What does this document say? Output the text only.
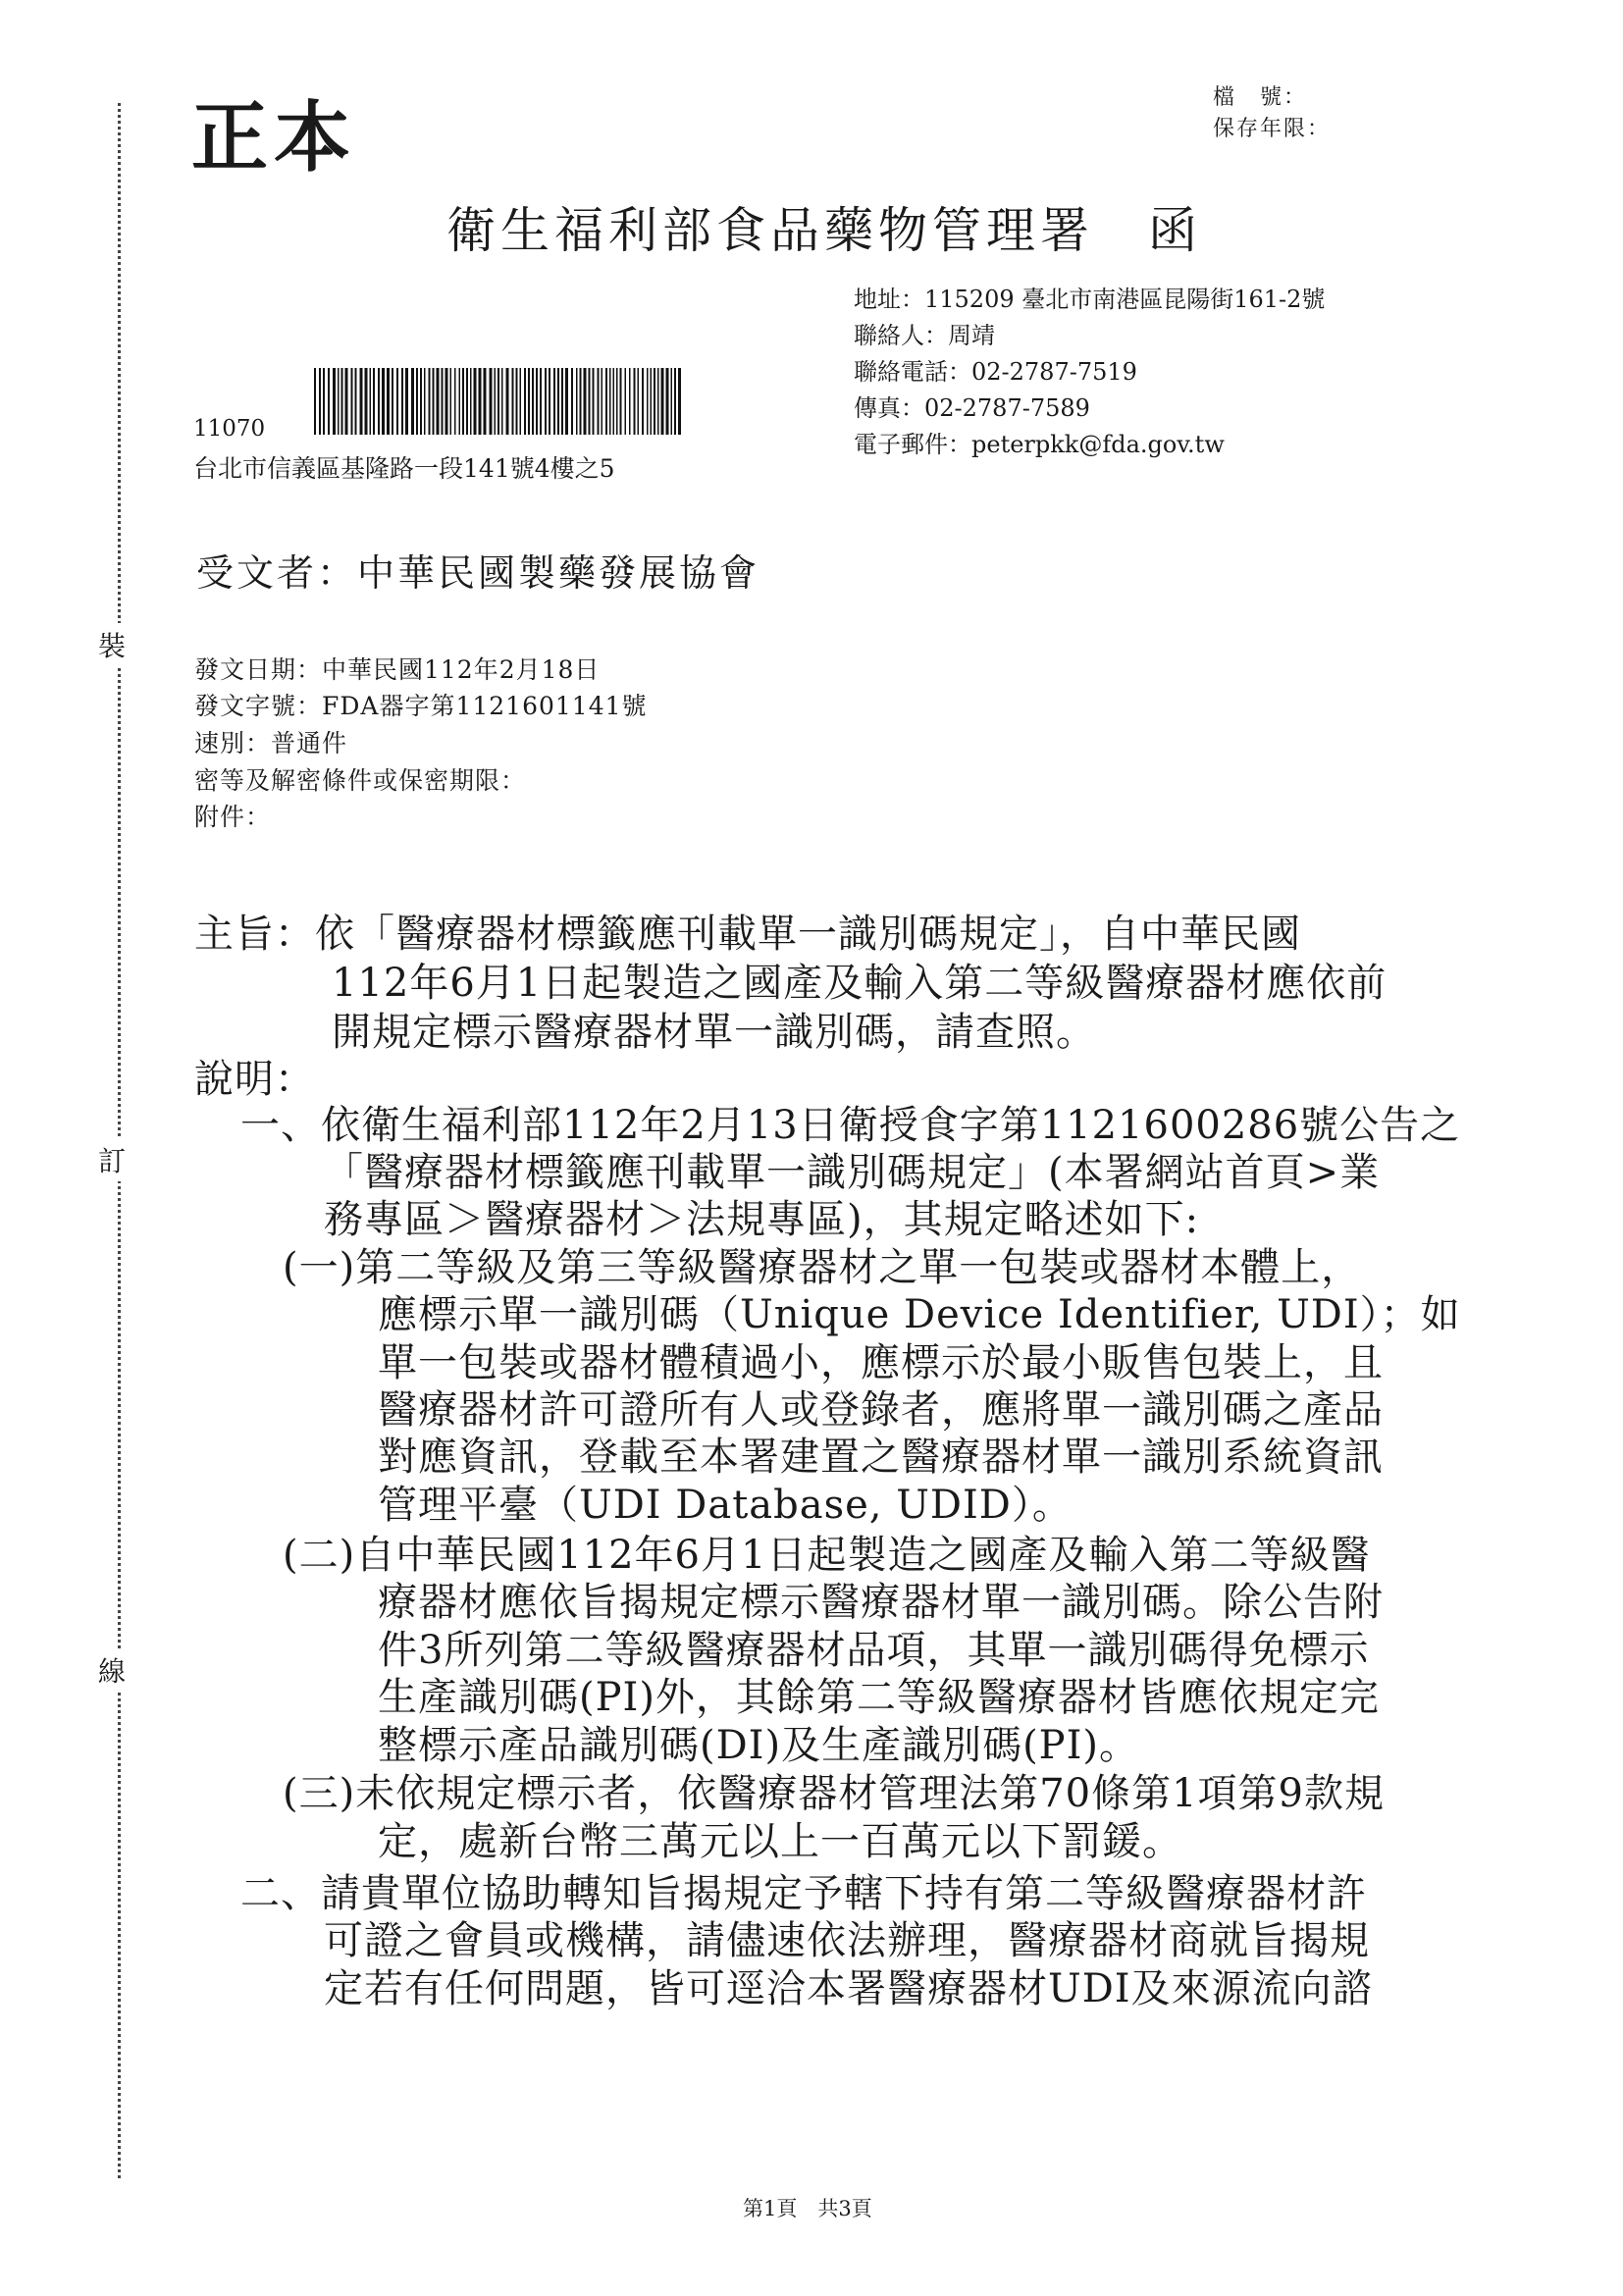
裝
訂
線
正本	檔　號：
保存年限：
衛生福利部食品藥物管理署　函
地址：115209 臺北市南港區昆陽街161-2號
聯絡人：周靖
聯絡電話：02-2787-7519
傳真：02-2787-7589
電子郵件：peterpkk@fda.gov.tw
11070
台北市信義區基隆路一段141號4樓之5
受文者：中華民國製藥發展協會
發文日期：中華民國112年2月18日
發文字號：FDA器字第1121601141號
速別：普通件
密等及解密條件或保密期限：
附件：
主旨：依「醫療器材標籤應刊載單一識別碼規定」，自中華民國
112年6月1日起製造之國產及輸入第二等級醫療器材應依前
開規定標示醫療器材單一識別碼，請查照。
說明：
一、依衛生福利部112年2月13日衛授食字第1121600286號公告之
「醫療器材標籤應刊載單一識別碼規定」(本署網站首頁>業
務專區＞醫療器材＞法規專區)，其規定略述如下:
(一)第二等級及第三等級醫療器材之單一包裝或器材本體上，
應標示單一識別碼（Unique Device Identifier, UDI）；如
單一包裝或器材體積過小，應標示於最小販售包裝上，且
醫療器材許可證所有人或登錄者，應將單一識別碼之產品
對應資訊，登載至本署建置之醫療器材單一識別系統資訊
管理平臺（UDI Database, UDID）。
(二)自中華民國112年6月1日起製造之國產及輸入第二等級醫
療器材應依旨揭規定標示醫療器材單一識別碼。除公告附
件3所列第二等級醫療器材品項，其單一識別碼得免標示
生產識別碼(PI)外，其餘第二等級醫療器材皆應依規定完
整標示產品識別碼(DI)及生產識別碼(PI)。
(三)未依規定標示者，依醫療器材管理法第70條第1項第9款規
定，處新台幣三萬元以上一百萬元以下罰鍰。
二、請貴單位協助轉知旨揭規定予轄下持有第二等級醫療器材許
可證之會員或機構，請儘速依法辦理，醫療器材商就旨揭規
定若有任何問題，皆可逕洽本署醫療器材UDI及來源流向諮
第1頁　共3頁
